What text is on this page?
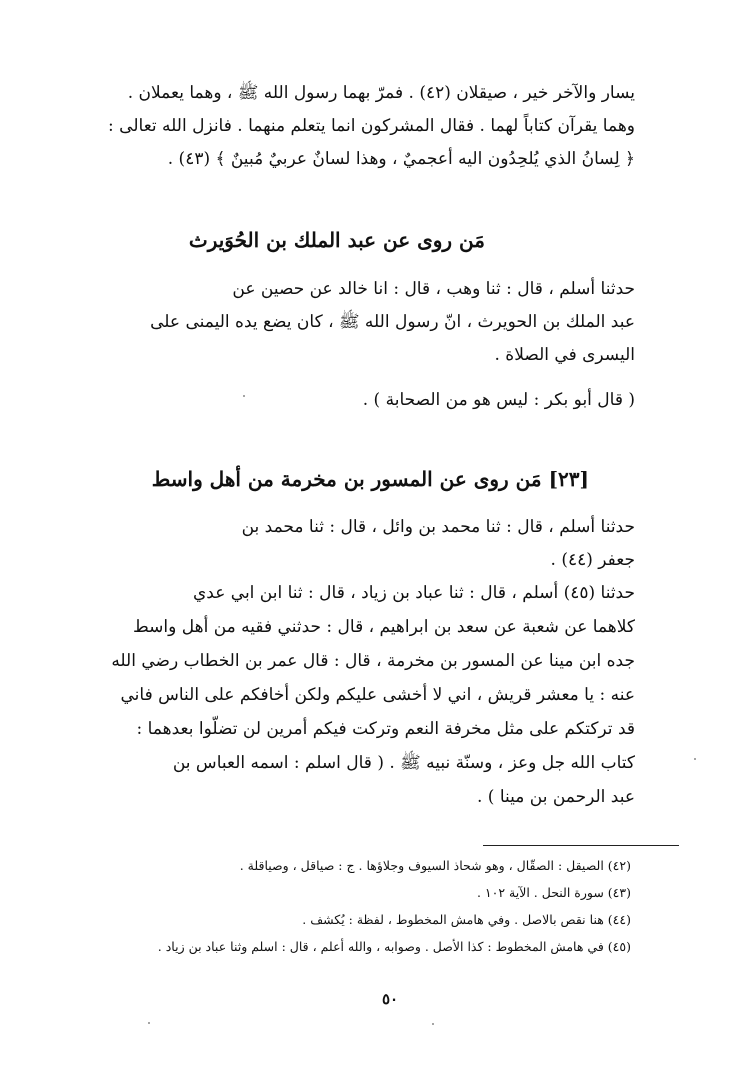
يسار والآخر خير ، صيقلان (٤٢) . فمرّ بهما رسول الله ﷺ ، وهما يعملان .
وهما يقرآن كتاباً لهما . فقال المشركون انما يتعلم منهما . فانزل الله تعالى :
﴿ لِسانُ الذي يُلحِدُون اليه أعجميٌ ، وهذا لسانٌ عربيٌ مُبينٌ ﴾ (٤٣) .
مَن روى عن عبد الملك بن الحُوَيرث
حدثنا أسلم ، قال : ثنا وهب ، قال : انا خالد عن حصين عن
عبد الملك بن الحويرث ، انّ رسول الله ﷺ ، كان يضع يده اليمنى على
اليسرى في الصلاة .
( قال أبو بكر : ليس هو من الصحابة ) .
[٢٣] مَن روى عن المسور بن مخرمة من أهل واسط
حدثنا أسلم ، قال : ثنا محمد بن وائل ، قال : ثنا محمد بن
جعفر (٤٤) .
حدثنا (٤٥) أسلم ، قال : ثنا عباد بن زياد ، قال : ثنا ابن ابي عدي
كلاهما عن شعبة عن سعد بن ابراهيم ، قال : حدثني فقيه من أهل واسط
جده ابن مينا عن المسور بن مخرمة ، قال : قال عمر بن الخطاب رضي الله
عنه : يا معشر قريش ، اني لا أخشى عليكم ولكن أخافكم على الناس فاني
قد تركتكم على مثل مخرفة النعم وتركت فيكم أمرين لن تضلّوا بعدهما :
كتاب الله جل وعز ، وسنّة نبيه ﷺ . ( قال اسلم : اسمه العباس بن
عبد الرحمن بن مينا ) .
(٤٢) الصيقل : الصقّال ، وهو شحاذ السيوف وجلاؤها . ج : صياقل ، وصياقلة .
(٤٣) سورة النحل . الآية ١٠٢ .
(٤٤) هنا نقص بالاصل . وفي هامش المخطوط ، لفظة : يُكشف .
(٤٥) في هامش المخطوط : كذا الأصل . وصوابه ، والله أعلم ، قال : اسلم وثنا عباد بن زياد .
٥٠
